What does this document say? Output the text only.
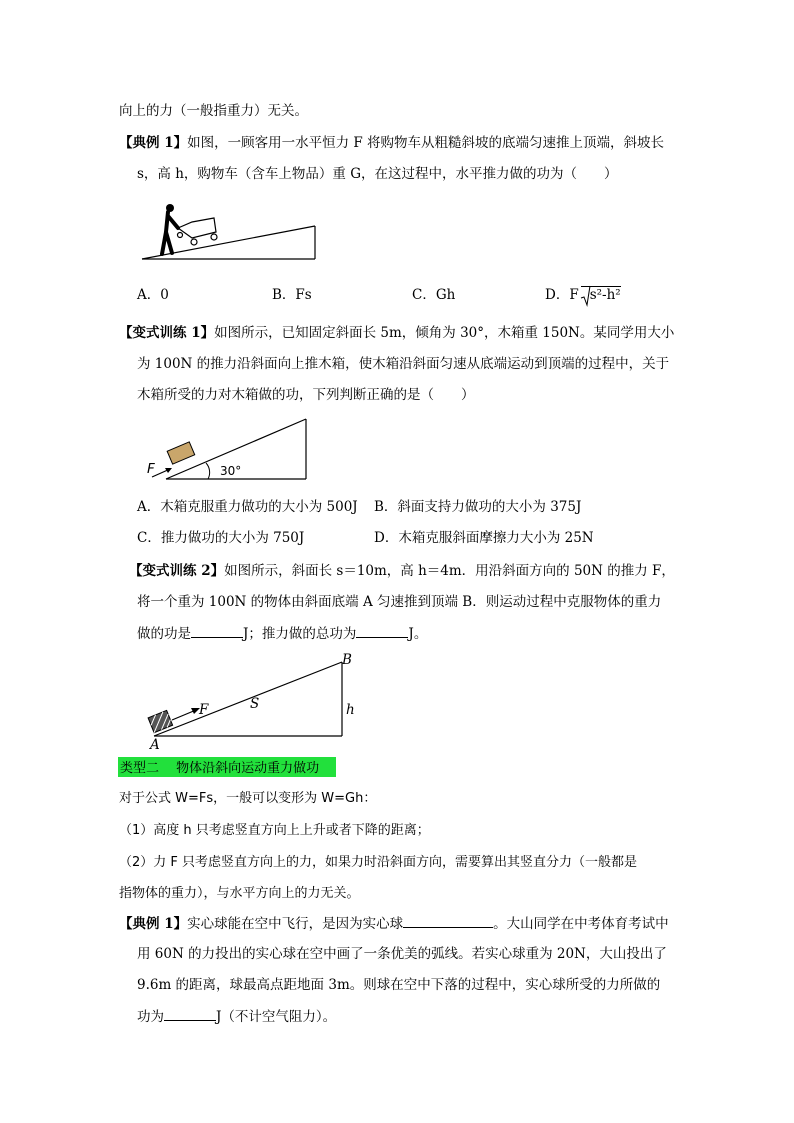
向上的力（一般指重力）无关。
【典例 1】如图，一顾客用一水平恒力 F 将购物车从粗糙斜坡的底端匀速推上顶端，斜坡长
s，高 h，购物车（含车上物品）重 G，在这过程中，水平推力做的功为（　　）
A．0	B．Fs	C．Gh	D．F s²-h²
【变式训练 1】如图所示，已知固定斜面长 5m，倾角为 30°，木箱重 150N。某同学用大小
为 100N 的推力沿斜面向上推木箱，使木箱沿斜面匀速从底端运动到顶端的过程中，关于
木箱所受的力对木箱做的功，下列判断正确的是（　　）
F	30°
A．木箱克服重力做功的大小为 500J B．斜面支持力做功的大小为 375J
C．推力做功的大小为 750J	D．木箱克服斜面摩擦力大小为 25N
【变式训练 2】如图所示，斜面长 s＝10m，高 h＝4m．用沿斜面方向的 50N 的推力 F，
将一个重为 100N 的物体由斜面底端 A 匀速推到顶端 B．则运动过程中克服物体的重力
做的功是	J；推力做的总功为	J。
A
B
F	S	h
类型二　 物体沿斜向运动重力做功
对于公式 W=Fs，一般可以变形为 W=Gh：
（1）高度 h 只考虑竖直方向上上升或者下降的距离；
（2）力 F 只考虑竖直方向上的力，如果力时沿斜面方向，需要算出其竖直分力（一般都是
指物体的重力），与水平方向上的力无关。
【典例 1】实心球能在空中飞行，是因为实心球	。大山同学在中考体育考试中
用 60N 的力投出的实心球在空中画了一条优美的弧线。若实心球重为 20N，大山投出了
9.6m 的距离，球最高点距地面 3m。则球在空中下落的过程中，实心球所受的力所做的
功为	J（不计空气阻力）。
